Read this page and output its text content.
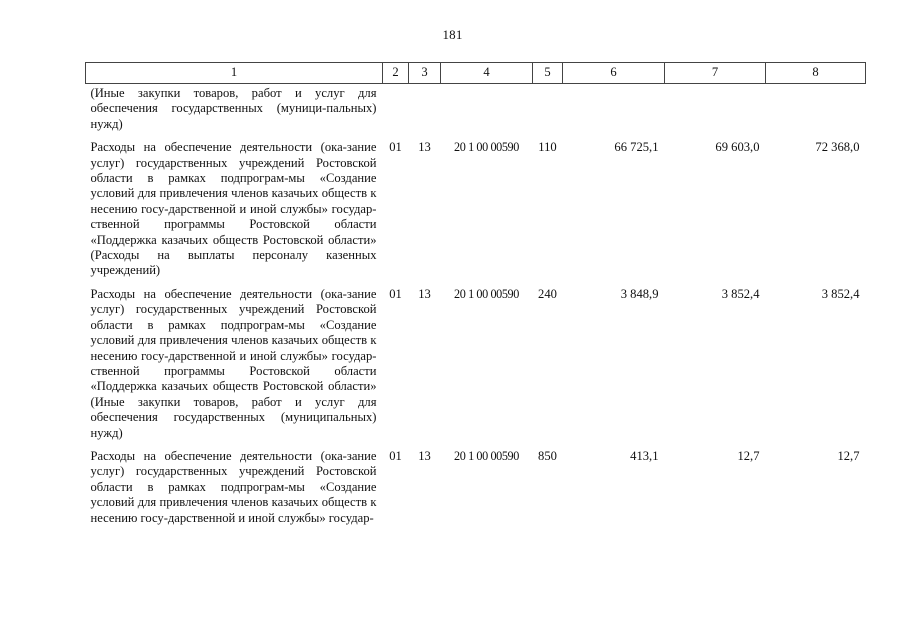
181
1	2	3	4	5	6	7	8
(Иные закупки товаров, работ и услуг для обеспечения государственных (муници-пальных) нужд)							
Расходы на обеспечение деятельности (ока-зание услуг) государственных учреждений Ростовской области в рамках подпрограм-мы «Создание условий для привлечения членов казачьих обществ к несению госу-дарственной и иной службы» государ-ственной программы Ростовской области «Поддержка казачьих обществ Ростовской области» (Расходы на выплаты персоналу казенных учреждений)	01	13	20 1 00 00590	110	66 725,1	69 603,0	72 368,0
Расходы на обеспечение деятельности (ока-зание услуг) государственных учреждений Ростовской области в рамках подпрограм-мы «Создание условий для привлечения членов казачьих обществ к несению госу-дарственной и иной службы» государ-ственной программы Ростовской области «Поддержка казачьих обществ Ростовской области» (Иные закупки товаров, работ и услуг для обеспечения государственных (муниципальных) нужд)	01	13	20 1 00 00590	240	3 848,9	3 852,4	3 852,4
Расходы на обеспечение деятельности (ока-зание услуг) государственных учреждений Ростовской области в рамках подпрограм-мы «Создание условий для привлечения членов казачьих обществ к несению госу-дарственной и иной службы» государ-	01	13	20 1 00 00590	850	413,1	12,7	12,7
